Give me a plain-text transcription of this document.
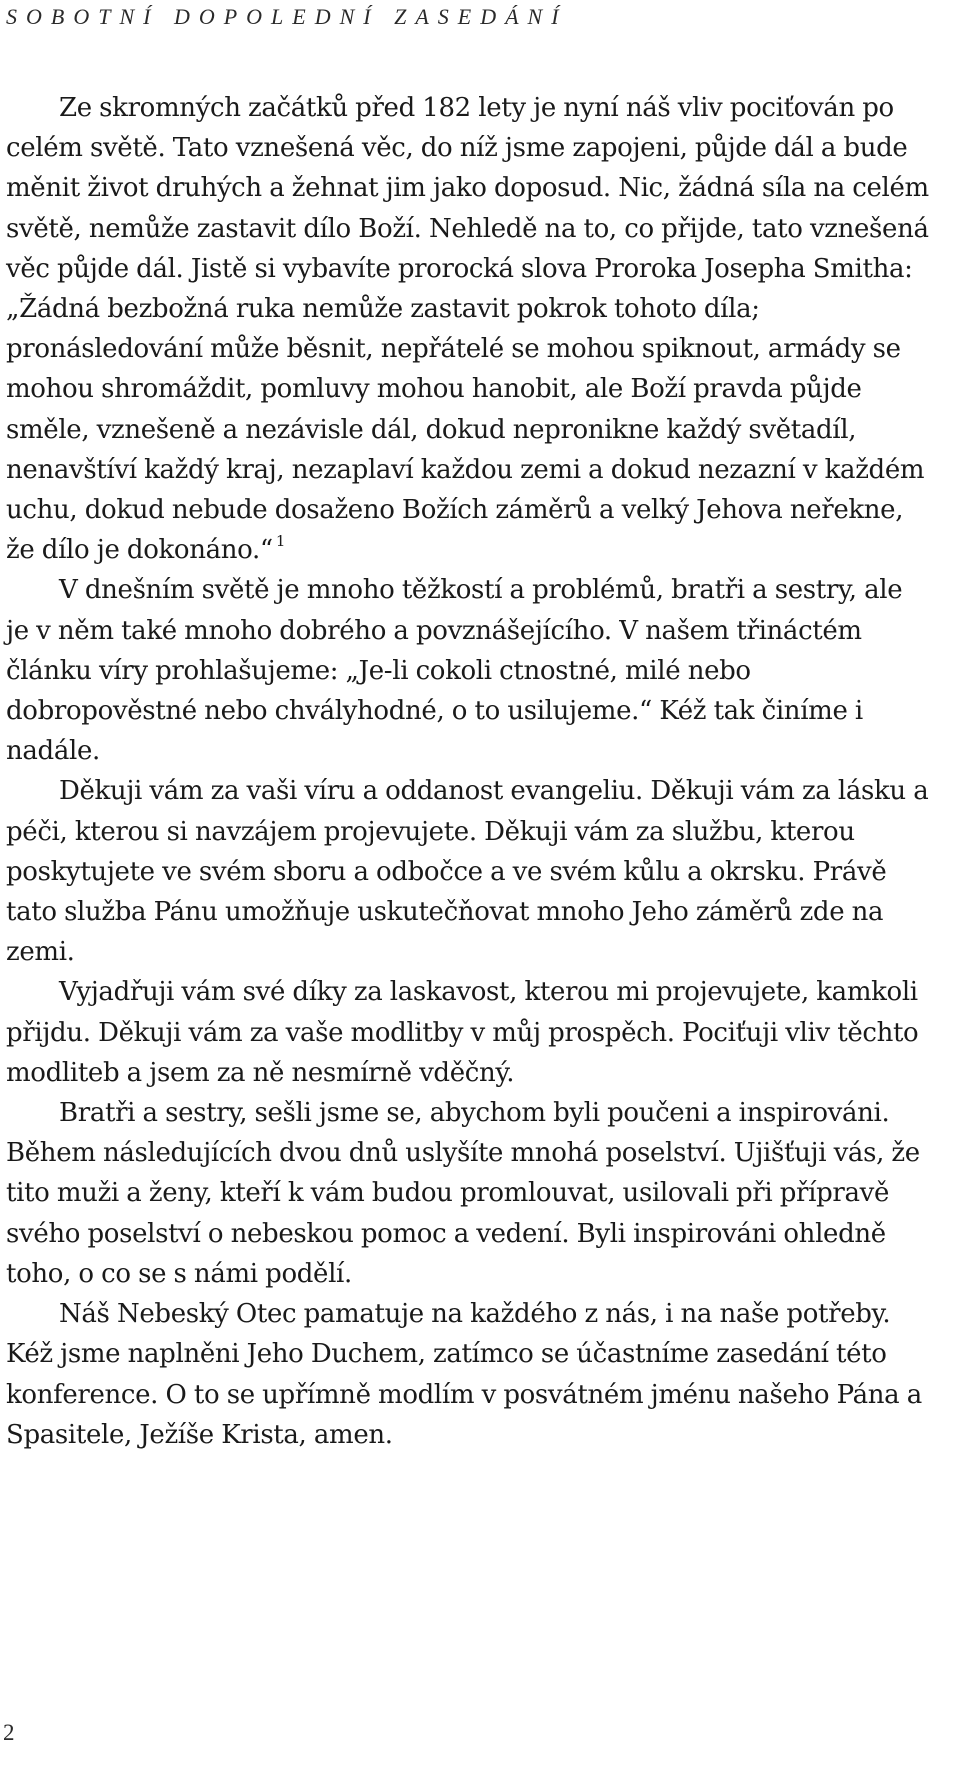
SOBOTNÍ DOPOLEDNÍ ZASEDÁNÍ

Ze skromných začátků před 182 lety je nyní náš vliv pociťován po celém světě. Tato vznešená věc, do níž jsme zapojeni, půjde dál a bude měnit život druhých a žehnat jim jako doposud. Nic, žádná síla na celém světě, nemůže zastavit dílo Boží. Nehledě na to, co přijde, tato vznešená věc půjde dál. Jistě si vybavíte prorocká slova Proroka Josepha Smitha: „Žádná bezbožná ruka nemůže zastavit pokrok tohoto díla; pronásledování může běsnit, nepřátelé se mohou spiknout, armády se mohou shromáždit, pomluvy mohou hanobit, ale Boží pravda půjde směle, vznešeně a nezávisle dál, dokud nepronikne každý světadíl, nenavštíví každý kraj, nezaplaví každou zemi a dokud nezazní v každém uchu, dokud nebude dosaženo Božích záměrů a velký Jehova neřekne, že dílo je dokonáno.“ $^1$

V dnešním světě je mnoho těžkostí a problémů, bratři a sestry, ale je v něm také mnoho dobrého a povznášejícího. V našem třináctém článku víry prohlašujeme: „Je-li cokoli ctnostné, milé nebo dobropověstné nebo chvályhodné, o to usilujeme.“ Kéž tak činíme i nadále.

Děkuji vám za vaši víru a oddanost evangeliu. Děkuji vám za lásku a péči, kterou si navzájem projevujete. Děkuji vám za službu, kterou poskytujete ve svém sboru a odbočce a ve svém kůlu a okrsku. Právě tato služba Pánu umožňuje uskutečňovat mnoho Jeho záměrů zde na zemi.

Vyjadřuji vám své díky za laskavost, kterou mi projevujete, kamkoli přijdu. Děkuji vám za vaše modlitby v můj prospěch. Pociťuji vliv těchto modliteb a jsem za ně nesmírně vděčný.

Bratři a sestry, sešli jsme se, abychom byli poučeni a inspirováni. Během následujících dvou dnů uslyšíte mnohá poselství. Ujišťuji vás, že tito muži a ženy, kteří k vám budou promlouvat, usilovali při přípravě svého poselství o nebeskou pomoc a vedení. Byli inspirováni ohledně toho, o co se s námi podělí.

Náš Nebeský Otec pamatuje na každého z nás, i na naše potřeby. Kéž jsme naplněni Jeho Duchem, zatímco se účastníme zasedání této konference. O to se upřímně modlím v posvátném jménu našeho Pána a Spasitele, Ježíše Krista, amen.

2
